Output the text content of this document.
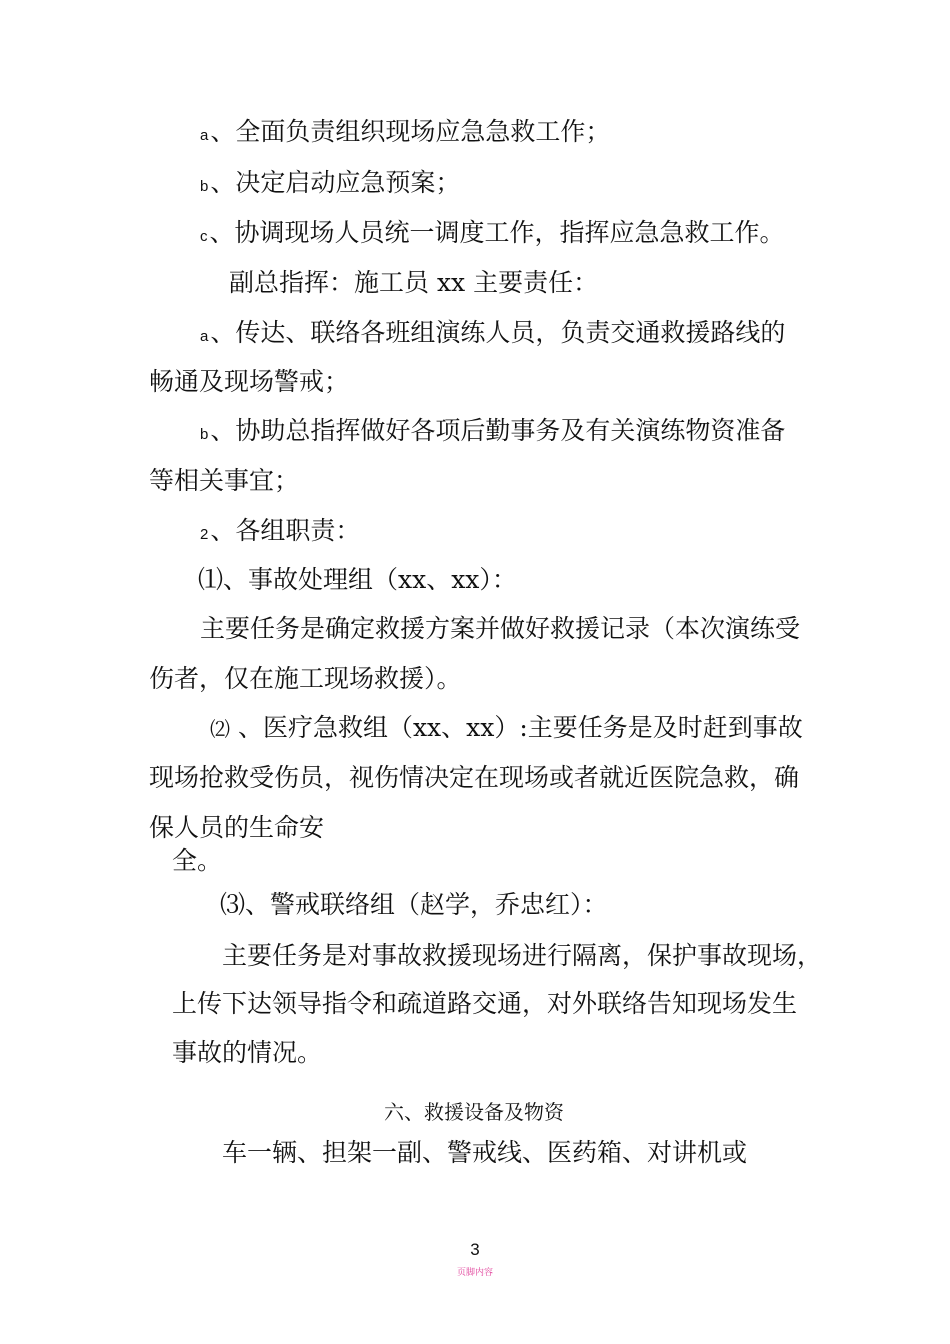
a、全面负责组织现场应急急救工作；
b、决定启动应急预案；
c、协调现场人员统一调度工作，指挥应急急救工作。
副总指挥：施工员 xx 主要责任：
a、传达、联络各班组演练人员，负责交通救援路线的
畅通及现场警戒；
b、协助总指挥做好各项后勤事务及有关演练物资准备
等相关事宜；
2、各组职责：
⑴、事故处理组（xx、xx）：
主要任务是确定救援方案并做好救援记录（本次演练受
伤者，仅在施工现场救援）。
⑵ 、医疗急救组（xx、xx）:主要任务是及时赶到事故
现场抢救受伤员，视伤情决定在现场或者就近医院急救，确
保人员的生命安
全。
⑶、警戒联络组（赵学，乔忠红）：
主要任务是对事故救援现场进行隔离，保护事故现场，
上传下达领导指令和疏道路交通，对外联络告知现场发生
事故的情况。
六、救援设备及物资
车一辆、担架一副、警戒线、医药箱、对讲机或
3
页脚内容
